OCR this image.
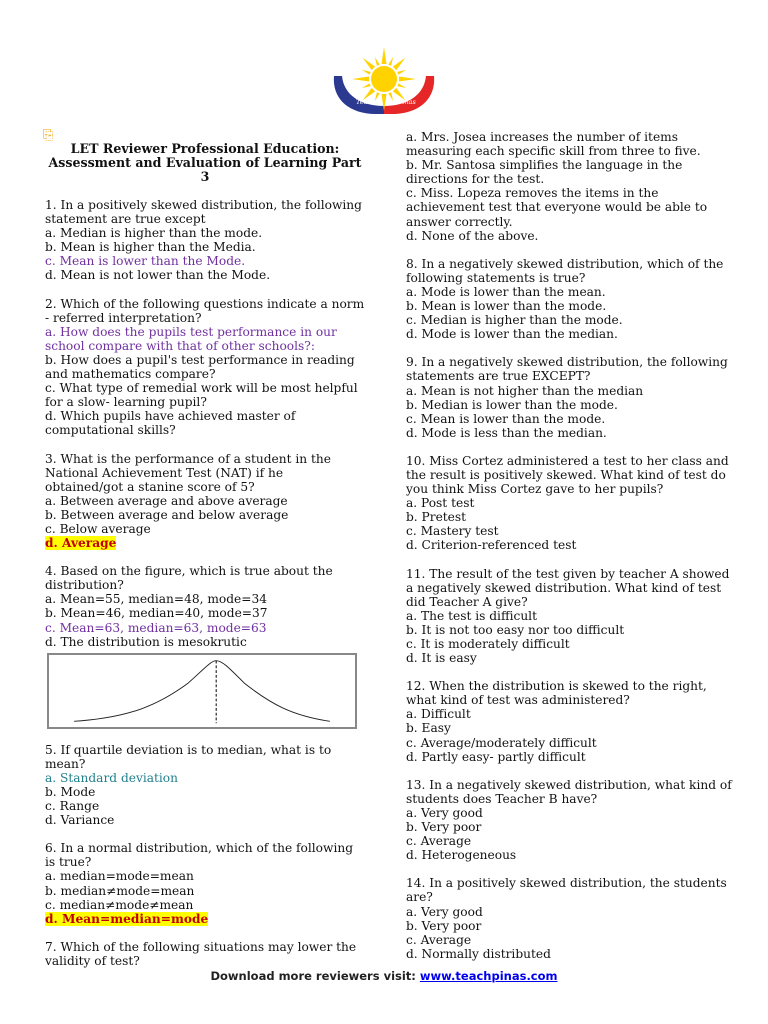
Teach	Pinas
⎘
LET Reviewer Professional Education:
Assessment and Evaluation of Learning Part 3

1. In a positively skewed distribution, the following statement are true except

a. Median is higher than the mode.

b. Mean is higher than the Media.

c. Mean is lower than the Mode.

d. Mean is not lower than the Mode.

2. Which of the following questions indicate a norm - referred interpretation?

a. How does the pupils test performance in our school compare with that of other schools?:

b. How does a pupil's test performance in reading and mathematics compare?

c. What type of remedial work will be most helpful for a slow- learning pupil?

d. Which pupils have achieved master of computational skills?

3. What is the performance of a student in the National Achievement Test (NAT) if he obtained/got a stanine score of 5?

a. Between average and above average

b. Between average and below average

c. Below average

d. Average

4. Based on the figure, which is true about the distribution?

a. Mean=55, median=48, mode=34

b. Mean=46, median=40, mode=37

c. Mean=63, median=63, mode=63

d. The distribution is mesokrutic

5. If quartile deviation is to median, what is to mean?

a. Standard deviation

b. Mode

c. Range

d. Variance

6. In a normal distribution, which of the following is true?

a. median=mode=mean

b. median≠mode=mean

c. median≠mode≠mean

d. Mean=median=mode

7. Which of the following situations may lower the validity of test?

a. Mrs. Josea increases the number of items measuring each specific skill from three to five.

b. Mr. Santosa simplifies the language in the directions for the test.

c. Miss. Lopeza removes the items in the achievement test that everyone would be able to answer correctly.

d. None of the above.

8. In a negatively skewed distribution, which of the following statements is true?

a. Mode is lower than the mean.

b. Mean is lower than the mode.

c. Median is higher than the mode.

d. Mode is lower than the median.

9. In a negatively skewed distribution, the following statements are true EXCEPT?

a. Mean is not higher than the median

b. Median is lower than the mode.

c. Mean is lower than the mode.

d. Mode is less than the median.

10. Miss Cortez administered a test to her class and the result is positively skewed. What kind of test do you think Miss Cortez gave to her pupils?

a. Post test

b. Pretest

c. Mastery test

d. Criterion-referenced test

11. The result of the test given by teacher A showed a negatively skewed distribution. What kind of test did Teacher A give?

a. The test is difficult

b. It is not too easy nor too difficult

c. It is moderately difficult

d. It is easy

12. When the distribution is skewed to the right, what kind of test was administered?

a. Difficult

b. Easy

c. Average/moderately difficult

d. Partly easy- partly difficult

13. In a negatively skewed distribution, what kind of students does Teacher B have?

a. Very good

b. Very poor

c. Average

d. Heterogeneous

14. In a positively skewed distribution, the students are?

a. Very good

b. Very poor

c. Average

d. Normally distributed

Download more reviewers visit: www.teachpinas.com
